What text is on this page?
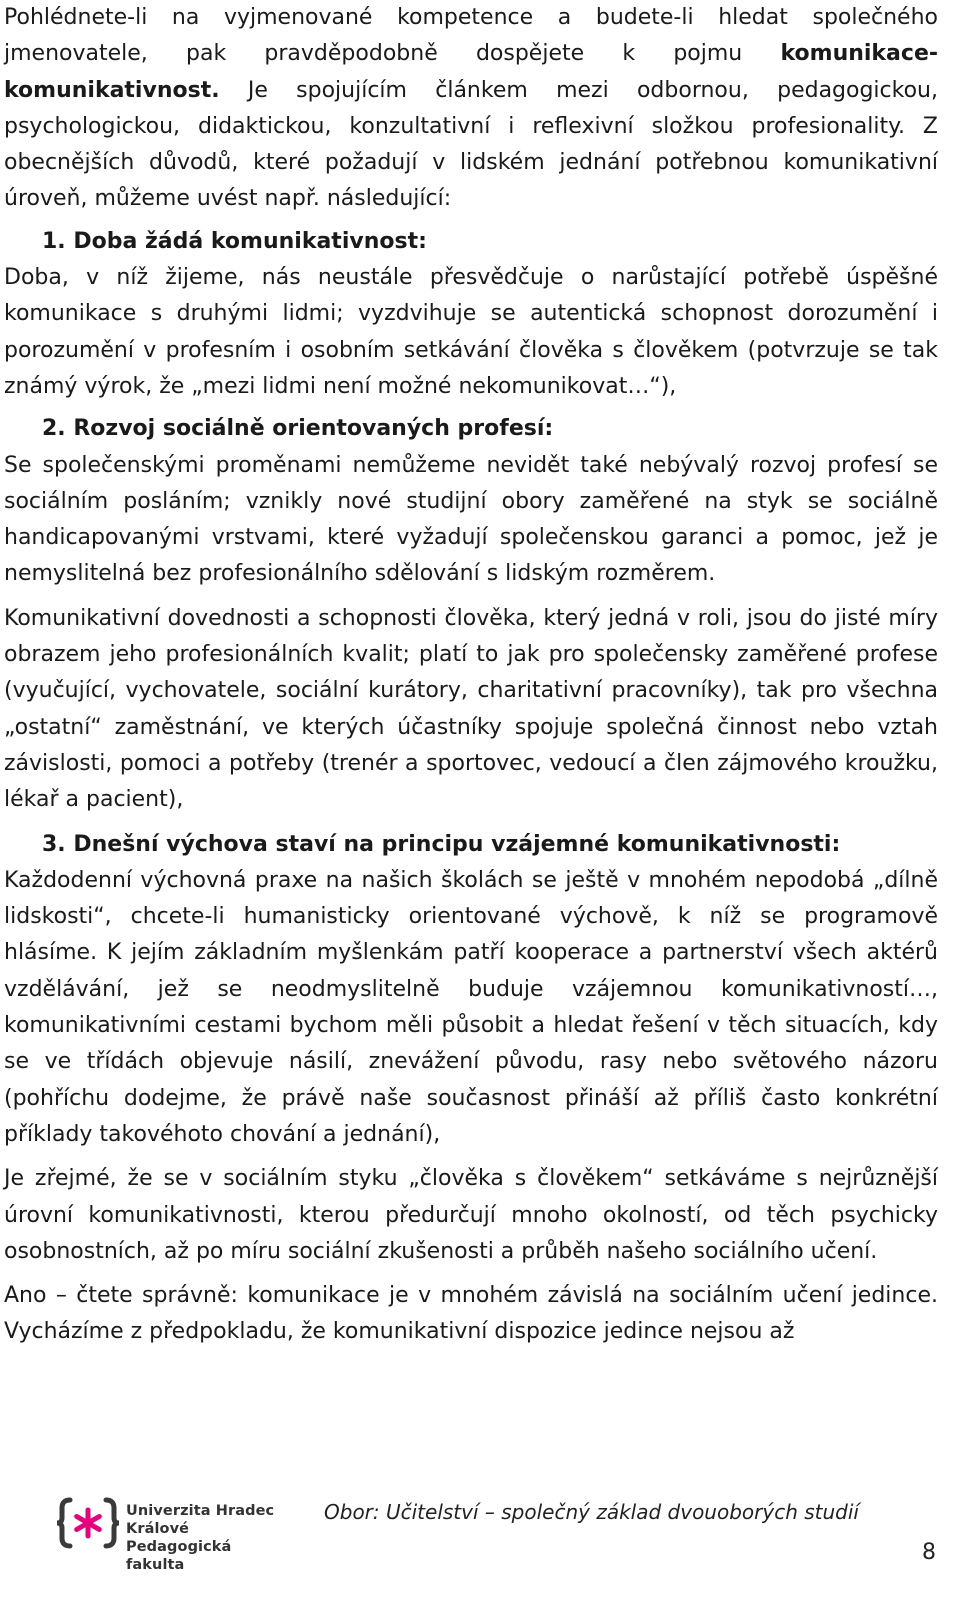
Pohlédnete-li na vyjmenované kompetence a budete-li hledat společného jmenovatele, pak pravděpodobně dospějete k pojmu komunikace-komunikativnost. Je spojujícím článkem mezi odbornou, pedagogickou, psychologickou, didaktickou, konzultativní i reflexivní složkou profesionality. Z obecnějších důvodů, které požadují v lidském jednání potřebnou komunikativní úroveň, můžeme uvést např. následující:

1. Doba žádá komunikativnost:

Doba, v níž žijeme, nás neustále přesvědčuje o narůstající potřebě úspěšné komunikace s druhými lidmi; vyzdvihuje se autentická schopnost dorozumění i porozumění v profesním i osobním setkávání člověka s člověkem (potvrzuje se tak známý výrok, že „mezi lidmi není možné nekomunikovat…“),

2. Rozvoj sociálně orientovaných profesí:

Se společenskými proměnami nemůžeme nevidět také nebývalý rozvoj profesí se sociálním posláním; vznikly nové studijní obory zaměřené na styk se sociálně handicapovanými vrstvami, které vyžadují společenskou garanci a pomoc, jež je nemyslitelná bez profesionálního sdělování s lidským rozměrem.

Komunikativní dovednosti a schopnosti člověka, který jedná v roli, jsou do jisté míry obrazem jeho profesionálních kvalit; platí to jak pro společensky zaměřené profese (vyučující, vychovatele, sociální kurátory, charitativní pracovníky), tak pro všechna „ostatní“ zaměstnání, ve kterých účastníky spojuje společná činnost nebo vztah závislosti, pomoci a potřeby (trenér a sportovec, vedoucí a člen zájmového kroužku, lékař a pacient),

3. Dnešní výchova staví na principu vzájemné komunikativnosti:

Každodenní výchovná praxe na našich školách se ještě v mnohém nepodobá „dílně lidskosti“, chcete-li humanisticky orientované výchově, k níž se programově hlásíme. K jejím základním myšlenkám patří kooperace a partnerství všech aktérů vzdělávání, jež se neodmyslitelně buduje vzájemnou komunikativností…, komunikativními cestami bychom měli působit a hledat řešení v těch situacích, kdy se ve třídách objevuje násilí, znevážení původu, rasy nebo světového názoru (pohříchu dodejme, že právě naše současnost přináší až příliš často konkrétní příklady takovéhoto chování a jednání),

Je zřejmé, že se v sociálním styku „člověka s člověkem“ setkáváme s nejrůznější úrovní komunikativnosti, kterou předurčují mnoho okolností, od těch psychicky osobnostních, až po míru sociální zkušenosti a průběh našeho sociálního učení.

Ano – čtete správně: komunikace je v mnohém závislá na sociálním učení jedince. Vycházíme z předpokladu, že komunikativní dispozice jedince nejsou až

Univerzita Hradec Králové
Pedagogická fakulta
Obor: Učitelství – společný základ dvouoborých studií
8
